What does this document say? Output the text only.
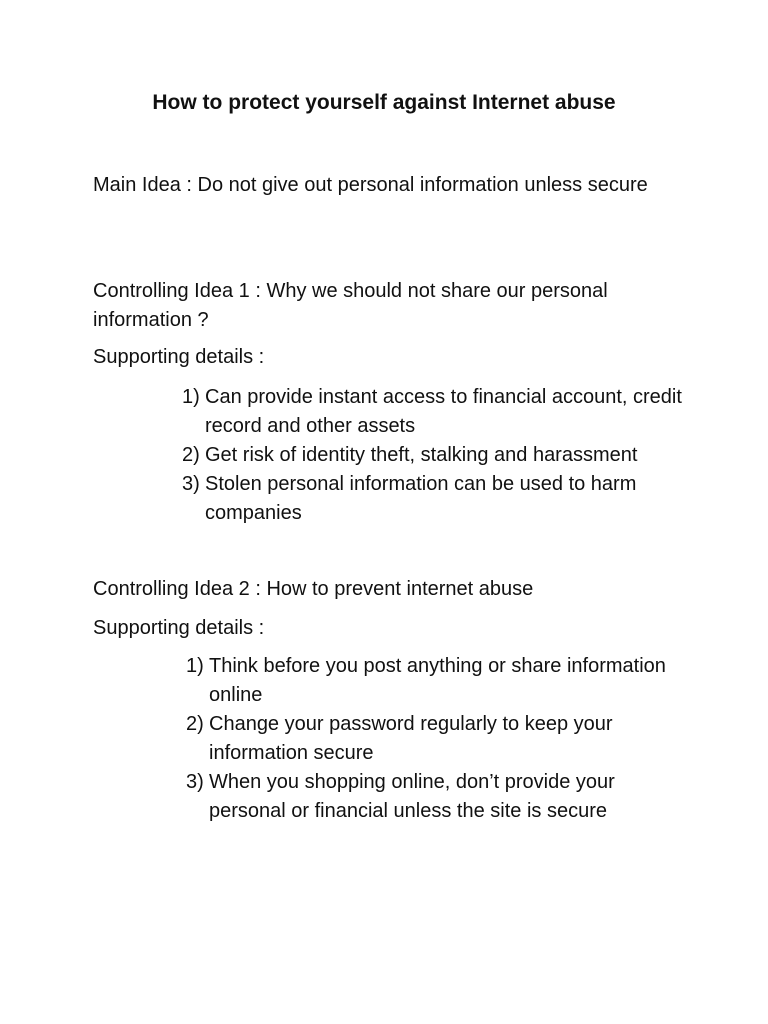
How to protect yourself against Internet abuse

Main Idea : Do not give out personal information unless secure

Controlling Idea 1 : Why we should not share our personal information ?

Supporting details :

1) Can provide instant access to financial account, credit record and other assets
2) Get risk of identity theft, stalking and harassment
3) Stolen personal information can be used to harm companies

Controlling Idea 2 : How to prevent internet abuse

Supporting details :

1) Think before you post anything or share information online
2) Change your password regularly to keep your information secure
3) When you shopping online, don’t provide your personal or financial unless the site is secure
